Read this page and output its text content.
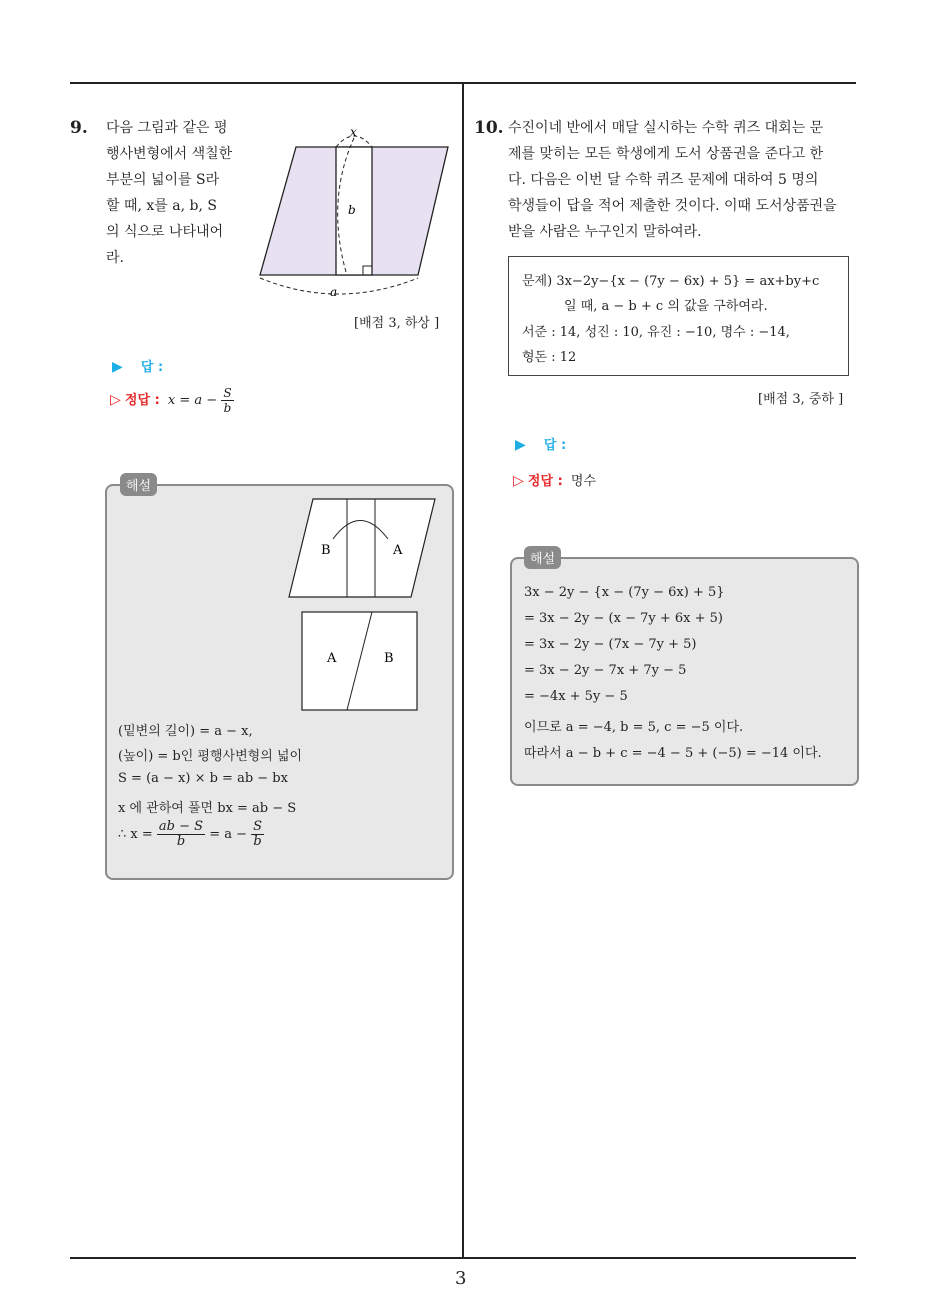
9. 다음 그림과 같은 평
행사변형에서 색칠한
부분의 넓이를 S라
할 때, x를 a, b, S
의 식으로 나타내어
라.
x
b
a
[배점 3, 하상 ]
▶ 답 :
▷ 정답 : $x = a - \frac{S}{b}$
해설
B	A
A	B
(밑변의 길이) = a − x,
(높이) = b인 평행사변형의 넓이
S = (a − x) × b = ab − bx
x 에 관하여 풀면 bx = ab − S
∴ $x = \frac{ab - S}{b} = a - \frac{S}{b}$
10. 수진이네 반에서 매달 실시하는 수학 퀴즈 대회는 문
제를 맞히는 모든 학생에게 도서 상품권을 준다고 한
다. 다음은 이번 달 수학 퀴즈 문제에 대하여 5 명의
학생들이 답을 적어 제출한 것이다. 이때 도서상품권을
받을 사람은 누구인지 말하여라.
문제) 3x−2y−{x − (7y − 6x) + 5} = ax+by+c
일 때, a − b + c 의 값을 구하여라.
서준 : 14, 성진 : 10, 유진 : −10, 명수 : −14,
형돈 : 12
[배점 3, 중하 ]
▶ 답 :
▷ 정답 : 명수
해설
3x − 2y − {x − (7y − 6x) + 5}
= 3x − 2y − (x − 7y + 6x + 5)
= 3x − 2y − (7x − 7y + 5)
= 3x − 2y − 7x + 7y − 5
= −4x + 5y − 5
이므로 a = −4, b = 5, c = −5 이다.
따라서 a − b + c = −4 − 5 + (−5) = −14 이다.
3
